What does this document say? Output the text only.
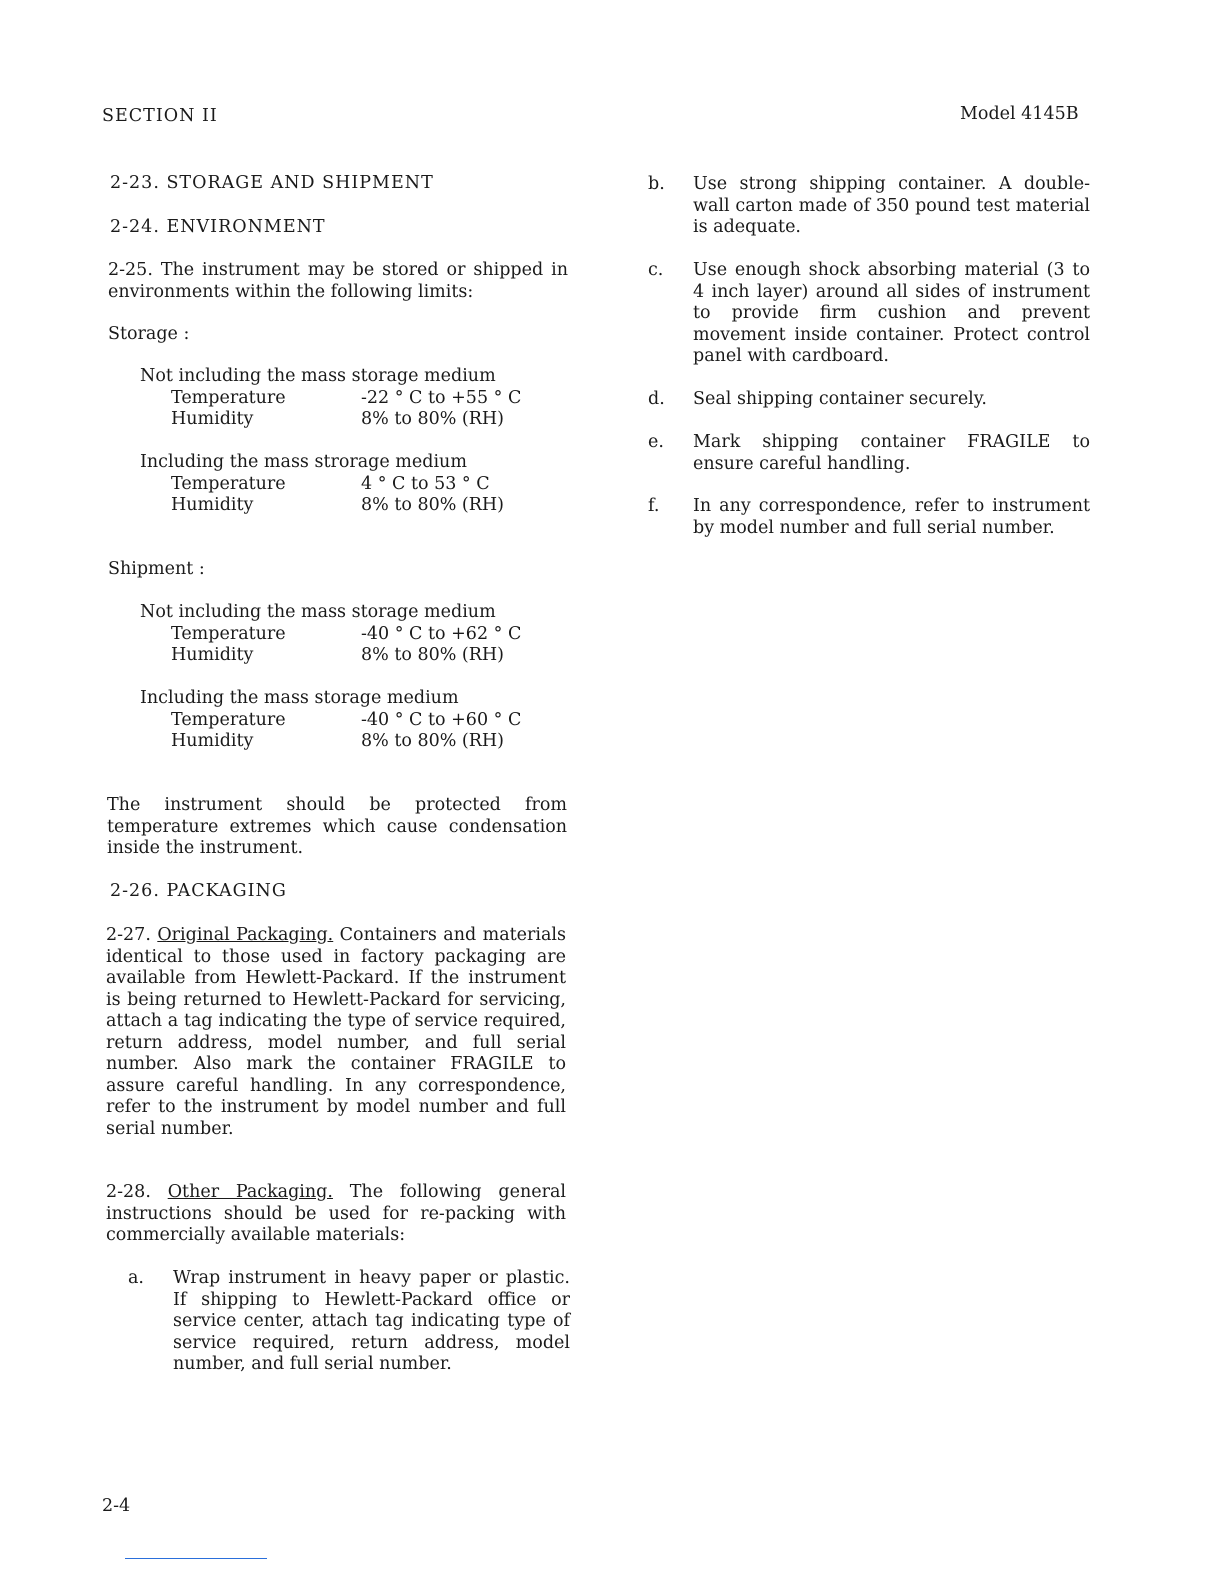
SECTION II	Model 4145B
2-23. STORAGE AND SHIPMENT
2-24. ENVIRONMENT
2-25. The instrument may be stored or shipped in environments within the following limits:
Storage :
Not including the mass storage medium
Temperature	-22 ° C to +55 ° C
Humidity	8% to 80% (RH)
Including the mass strorage medium
Temperature	4 ° C to 53 ° C
Humidity	8% to 80% (RH)
Shipment :
Not including the mass storage medium
Temperature	-40 ° C to +62 ° C
Humidity	8% to 80% (RH)
Including the mass storage medium
Temperature	-40 ° C to +60 ° C
Humidity	8% to 80% (RH)
The instrument should be protected from temperature extremes which cause condensation inside the instrument.
2-26. PACKAGING
2-27. Original Packaging. Containers and materials identical to those used in factory packaging are available from Hewlett-Packard. If the instrument is being returned to Hewlett-Packard for servicing, attach a tag indicating the type of service required, return address, model number, and full serial number. Also mark the container FRAGILE to assure careful handling. In any correspondence, refer to the instrument by model number and full serial number.
2-28. Other Packaging. The following general instructions should be used for re-packing with commercially available materials:
a. Wrap instrument in heavy paper or plastic. If shipping to Hewlett-Packard office or service center, attach tag indicating type of service required, return address, model number, and full serial number.
b. Use strong shipping container. A double-wall carton made of 350 pound test material is adequate.
c. Use enough shock absorbing material (3 to 4 inch layer) around all sides of instrument to provide firm cushion and prevent movement inside container. Protect control panel with cardboard.
d. Seal shipping container securely.
e. Mark shipping container FRAGILE to ensure careful handling.
f. In any correspondence, refer to instrument by model number and full serial number.
2-4
